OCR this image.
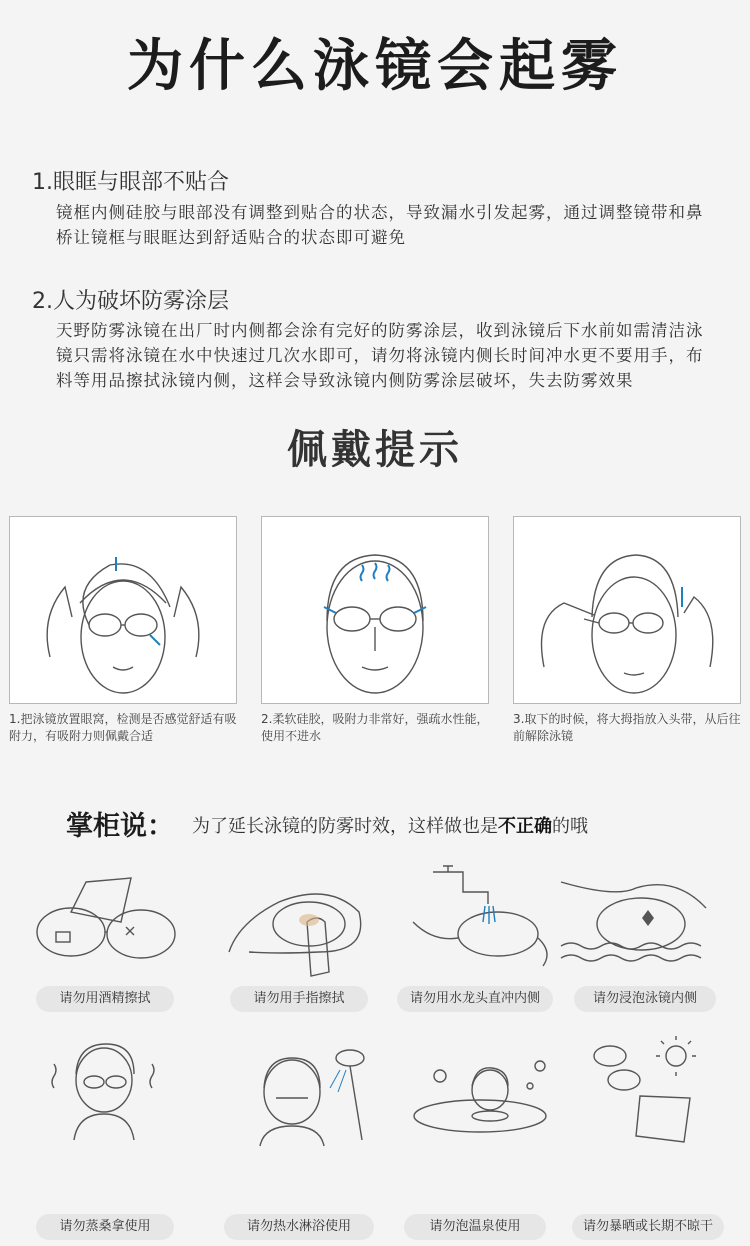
为什么泳镜会起雾
1.眼眶与眼部不贴合
镜框内侧硅胶与眼部没有调整到贴合的状态，导致漏水引发起雾，通过调整镜带和鼻桥让镜框与眼眶达到舒适贴合的状态即可避免
2.人为破坏防雾涂层
天野防雾泳镜在出厂时内侧都会涂有完好的防雾涂层，收到泳镜后下水前如需清洁泳镜只需将泳镜在水中快速过几次水即可，请勿将泳镜内侧长时间冲水更不要用手，布料等用品擦拭泳镜内侧，这样会导致泳镜内侧防雾涂层破坏，失去防雾效果
佩戴提示
1.把泳镜放置眼窝，检测是否感觉舒适有吸附力，有吸附力则佩戴合适
2.柔软硅胶，吸附力非常好，强疏水性能，使用不进水
3.取下的时候，将大拇指放入头带，从后往前解除泳镜
掌柜说： 为了延长泳镜的防雾时效，这样做也是不正确的哦
请勿用酒精擦拭	请勿用手指擦拭	请勿用水龙头直冲内侧	请勿浸泡泳镜内侧
请勿蒸桑拿使用	请勿热水淋浴使用	请勿泡温泉使用	请勿暴晒或长期不晾干
